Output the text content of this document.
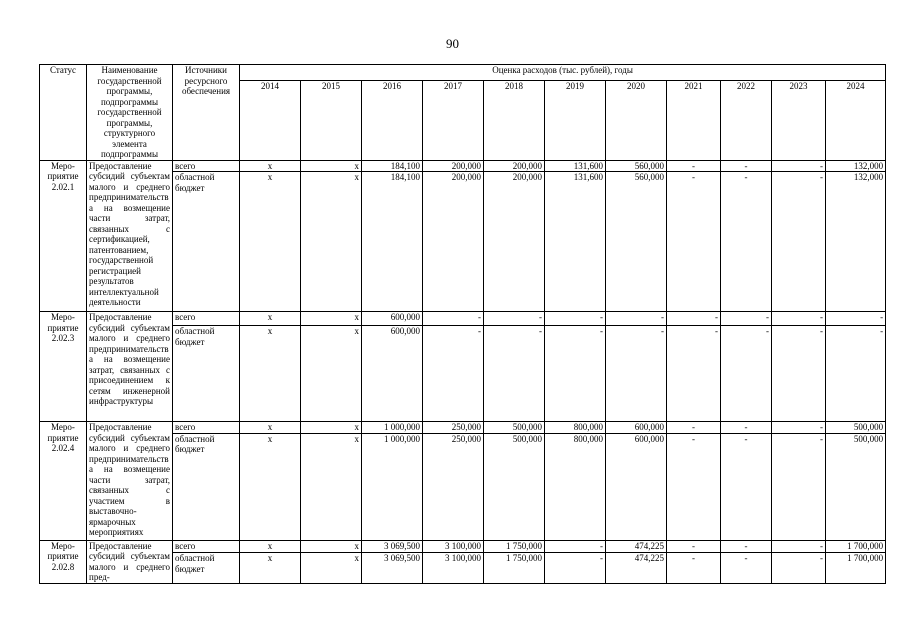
90
Статус	Наименование государственной программы, подпрограммы государственной программы, структурного элемента подпрограммы	Источники ресурсного обеспечения	Оценка расходов (тыс. рублей), годы										
			2014	2015	2016	2017	2018	2019	2020	2021	2022	2023	2024
Меро-приятие 2.02.1	Предоставление субсидий субъектам малого и среднего предпринимательства на возмещение части затрат, связанных с сертификацией, патентованием, государственной регистрацией результатов интеллектуальной деятельности	всего	x	x	184,100	200,000	200,000	131,600	560,000	-	-	-	132,000
		областной бюджет	x	x	184,100	200,000	200,000	131,600	560,000	-	-	-	132,000
Меро-приятие 2.02.3	Предоставление субсидий субъектам малого и среднего предпринимательства на возмещение затрат, связанных с присоединением к сетям инженерной инфраструктуры	всего	x	x	600,000	-	-	-	-	-	-	-	-
		областной бюджет	x	x	600,000	-	-	-	-	-	-	-	-
Меро-приятие 2.02.4	Предоставление субсидий субъектам малого и среднего предпринимательства на возмещение части затрат, связанных с участием в выставочно-ярмарочных мероприятиях	всего	x	x	1 000,000	250,000	500,000	800,000	600,000	-	-	-	500,000
		областной бюджет	x	x	1 000,000	250,000	500,000	800,000	600,000	-	-	-	500,000
Меро-приятие 2.02.8	Предоставление субсидий субъектам малого и среднего пред-	всего	x	x	3 069,500	3 100,000	1 750,000	-	474,225	-	-	-	1 700,000
		областной бюджет	x	x	3 069,500	3 100,000	1 750,000	-	474,225	-	-	-	1 700,000
